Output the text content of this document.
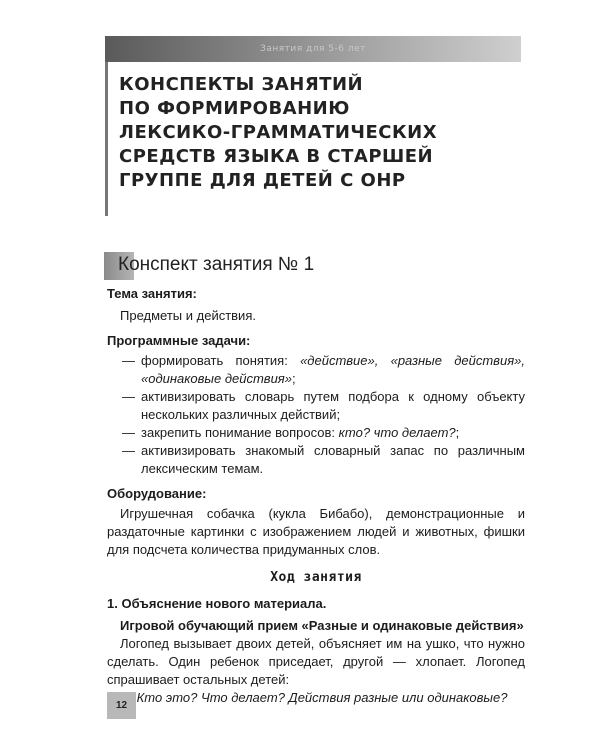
Занятия для 5-6 лет
КОНСПЕКТЫ ЗАНЯТИЙ
ПО ФОРМИРОВАНИЮ
ЛЕКСИКО-ГРАММАТИЧЕСКИХ
СРЕДСТВ ЯЗЫКА В СТАРШЕЙ
ГРУППЕ ДЛЯ ДЕТЕЙ С ОНР
Конспект занятия № 1

Тема занятия:

Предметы и действия.

Программные задачи:

— формировать понятия: «действие», «разные действия», «одинаковые действия»;
— активизировать словарь путем подбора к одному объекту нескольких различных действий;
— закрепить понимание вопросов: кто? что делает?;
— активизировать знакомый словарный запас по различным лексическим темам.

Оборудование:

Игрушечная собачка (кукла Бибабо), демонстрационные и раздаточные картинки с изображением людей и животных, фишки для подсчета количества придуманных слов.

Ход занятия

1. Объяснение нового материала.

Игровой обучающий прием «Разные и одинаковые действия»

Логопед вызывает двоих детей, объясняет им на ушко, что нужно сделать. Один ребенок приседает, другой — хлопает. Логопед спрашивает остальных детей:

Кто это? Что делает? Действия разные или одинаковые?

12
